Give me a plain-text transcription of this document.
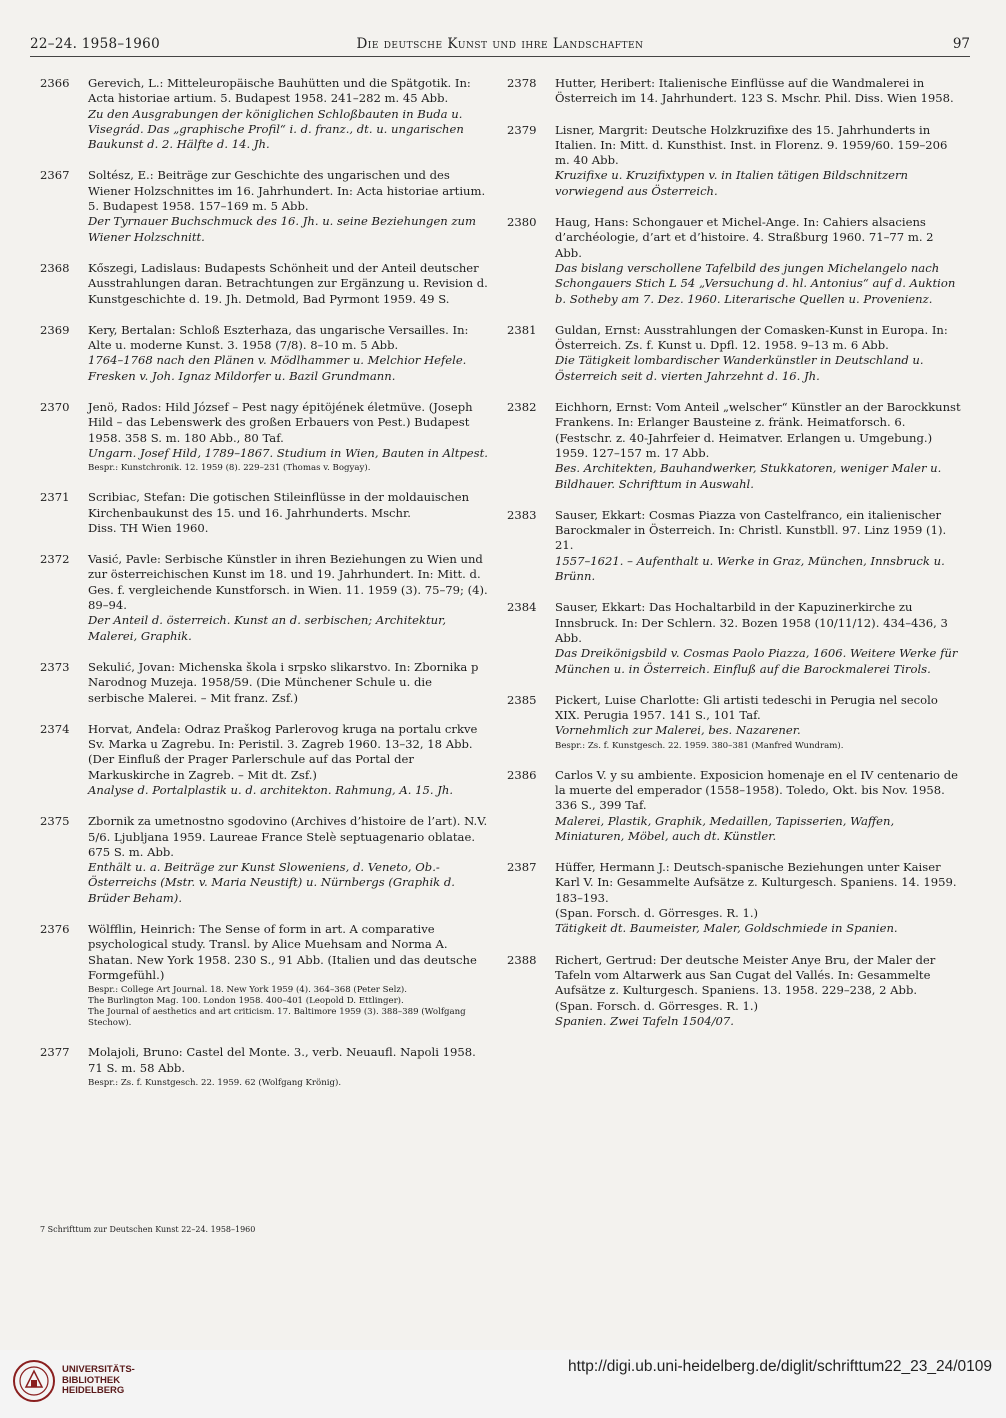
22–24. 1958–1960	Die deutsche Kunst und ihre Landschaften	97
2366 Gerevich, L.: Mitteleuropäische Bauhütten und die Spätgotik. In: Acta historiae artium. 5. Budapest 1958. 241–282 m. 45 Abb.
Zu den Ausgrabungen der königlichen Schloßbauten in Buda u. Visegrád. Das „graphische Profil“ i. d. franz., dt. u. ungarischen Baukunst d. 2. Hälfte d. 14. Jh.
2367 Soltész, E.: Beiträge zur Geschichte des ungarischen und des Wiener Holzschnittes im 16. Jahrhundert. In: Acta historiae artium. 5. Budapest 1958. 157–169 m. 5 Abb.
Der Tyrnauer Buchschmuck des 16. Jh. u. seine Beziehungen zum Wiener Holzschnitt.
2368 Kőszegi, Ladislaus: Budapests Schönheit und der Anteil deutscher Ausstrahlungen daran. Betrachtungen zur Ergänzung u. Revision d. Kunstgeschichte d. 19. Jh. Detmold, Bad Pyrmont 1959. 49 S.
2369 Kery, Bertalan: Schloß Eszterhaza, das ungarische Versailles. In: Alte u. moderne Kunst. 3. 1958 (7/8). 8–10 m. 5 Abb.
1764–1768 nach den Plänen v. Mödlhammer u. Melchior Hefele. Fresken v. Joh. Ignaz Mildorfer u. Bazil Grundmann.
2370 Jenö, Rados: Hild József – Pest nagy épitöjének életmüve. (Joseph Hild – das Lebenswerk des großen Erbauers von Pest.) Budapest 1958. 358 S. m. 180 Abb., 80 Taf.
Ungarn. Josef Hild, 1789–1867. Studium in Wien, Bauten in Altpest.
Bespr.: Kunstchronik. 12. 1959 (8). 229–231 (Thomas v. Bogyay).
2371 Scribiac, Stefan: Die gotischen Stileinflüsse in der moldauischen Kirchenbaukunst des 15. und 16. Jahrhunderts. Mschr.
Diss. TH Wien 1960.
2372 Vasić, Pavle: Serbische Künstler in ihren Beziehungen zu Wien und zur österreichischen Kunst im 18. und 19. Jahrhundert. In: Mitt. d. Ges. f. vergleichende Kunstforsch. in Wien. 11. 1959 (3). 75–79; (4). 89–94.
Der Anteil d. österreich. Kunst an d. serbischen; Architektur, Malerei, Graphik.
2373 Sekulić, Jovan: Michenska škola i srpsko slikarstvo. In: Zbornika p Narodnog Muzeja. 1958/59. (Die Münchener Schule u. die serbische Malerei. – Mit franz. Zsf.)
2374 Horvat, Anđela: Odraz Praškog Parlerovog kruga na portalu crkve Sv. Marka u Zagrebu. In: Peristil. 3. Zagreb 1960. 13–32, 18 Abb. (Der Einfluß der Prager Parlerschule auf das Portal der Markuskirche in Zagreb. – Mit dt. Zsf.)
Analyse d. Portalplastik u. d. architekton. Rahmung, A. 15. Jh.
2375 Zbornik za umetnostno sgodovino (Archives d’histoire de l’art). N.V. 5/6. Ljubljana 1959. Laureae France Stelè septuagenario oblatae. 675 S. m. Abb.
Enthält u. a. Beiträge zur Kunst Sloweniens, d. Veneto, Ob.-Österreichs (Mstr. v. Maria Neustift) u. Nürnbergs (Graphik d. Brüder Beham).
2376 Wölfflin, Heinrich: The Sense of form in art. A comparative psychological study. Transl. by Alice Muehsam and Norma A. Shatan. New York 1958. 230 S., 91 Abb. (Italien und das deutsche Formgefühl.)
Bespr.: College Art Journal. 18. New York 1959 (4). 364–368 (Peter Selz).
The Burlington Mag. 100. London 1958. 400–401 (Leopold D. Ettlinger).
The Journal of aesthetics and art criticism. 17. Baltimore 1959 (3). 388–389 (Wolfgang Stechow).
2377 Molajoli, Bruno: Castel del Monte. 3., verb. Neuaufl. Napoli 1958. 71 S. m. 58 Abb.
Bespr.: Zs. f. Kunstgesch. 22. 1959. 62 (Wolfgang Krönig).
2378 Hutter, Heribert: Italienische Einflüsse auf die Wandmalerei in Österreich im 14. Jahrhundert. 123 S. Mschr. Phil. Diss. Wien 1958.
2379 Lisner, Margrit: Deutsche Holzkruzifixe des 15. Jahrhunderts in Italien. In: Mitt. d. Kunsthist. Inst. in Florenz. 9. 1959/60. 159–206 m. 40 Abb.
Kruzifixe u. Kruzifixtypen v. in Italien tätigen Bildschnitzern vorwiegend aus Österreich.
2380 Haug, Hans: Schongauer et Michel-Ange. In: Cahiers alsaciens d’archéologie, d’art et d’histoire. 4. Straßburg 1960. 71–77 m. 2 Abb.
Das bislang verschollene Tafelbild des jungen Michelangelo nach Schongauers Stich L 54 „Versuchung d. hl. Antonius“ auf d. Auktion b. Sotheby am 7. Dez. 1960. Literarische Quellen u. Provenienz.
2381 Guldan, Ernst: Ausstrahlungen der Comasken-Kunst in Europa. In: Österreich. Zs. f. Kunst u. Dpfl. 12. 1958. 9–13 m. 6 Abb.
Die Tätigkeit lombardischer Wanderkünstler in Deutschland u. Österreich seit d. vierten Jahrzehnt d. 16. Jh.
2382 Eichhorn, Ernst: Vom Anteil „welscher“ Künstler an der Barockkunst Frankens. In: Erlanger Bausteine z. fränk. Heimatforsch. 6. (Festschr. z. 40-Jahrfeier d. Heimatver. Erlangen u. Umgebung.) 1959. 127–157 m. 17 Abb.
Bes. Architekten, Bauhandwerker, Stukkatoren, weniger Maler u. Bildhauer. Schrifttum in Auswahl.
2383 Sauser, Ekkart: Cosmas Piazza von Castelfranco, ein italienischer Barockmaler in Österreich. In: Christl. Kunstbll. 97. Linz 1959 (1). 21.
1557–1621. – Aufenthalt u. Werke in Graz, München, Innsbruck u. Brünn.
2384 Sauser, Ekkart: Das Hochaltarbild in der Kapuzinerkirche zu Innsbruck. In: Der Schlern. 32. Bozen 1958 (10/11/12). 434–436, 3 Abb.
Das Dreikönigsbild v. Cosmas Paolo Piazza, 1606. Weitere Werke für München u. in Österreich. Einfluß auf die Barockmalerei Tirols.
2385 Pickert, Luise Charlotte: Gli artisti tedeschi in Perugia nel secolo XIX. Perugia 1957. 141 S., 101 Taf.
Vornehmlich zur Malerei, bes. Nazarener.
Bespr.: Zs. f. Kunstgesch. 22. 1959. 380–381 (Manfred Wundram).
2386 Carlos V. y su ambiente. Exposicion homenaje en el IV centenario de la muerte del emperador (1558–1958). Toledo, Okt. bis Nov. 1958. 336 S., 399 Taf.
Malerei, Plastik, Graphik, Medaillen, Tapisserien, Waffen, Miniaturen, Möbel, auch dt. Künstler.
2387 Hüffer, Hermann J.: Deutsch-spanische Beziehungen unter Kaiser Karl V. In: Gesammelte Aufsätze z. Kulturgesch. Spaniens. 14. 1959. 183–193.
(Span. Forsch. d. Görresges. R. 1.)
Tätigkeit dt. Baumeister, Maler, Goldschmiede in Spanien.
2388 Richert, Gertrud: Der deutsche Meister Anye Bru, der Maler der Tafeln vom Altarwerk aus San Cugat del Vallés. In: Gesammelte Aufsätze z. Kulturgesch. Spaniens. 13. 1958. 229–238, 2 Abb.
(Span. Forsch. d. Görresges. R. 1.)
Spanien. Zwei Tafeln 1504/07.
7 Schrifttum zur Deutschen Kunst 22–24. 1958–1960
UNIVERSITÄTS-
BIBLIOTHEK
HEIDELBERG
http://digi.ub.uni-heidelberg.de/diglit/schrifttum22_23_24/0109
